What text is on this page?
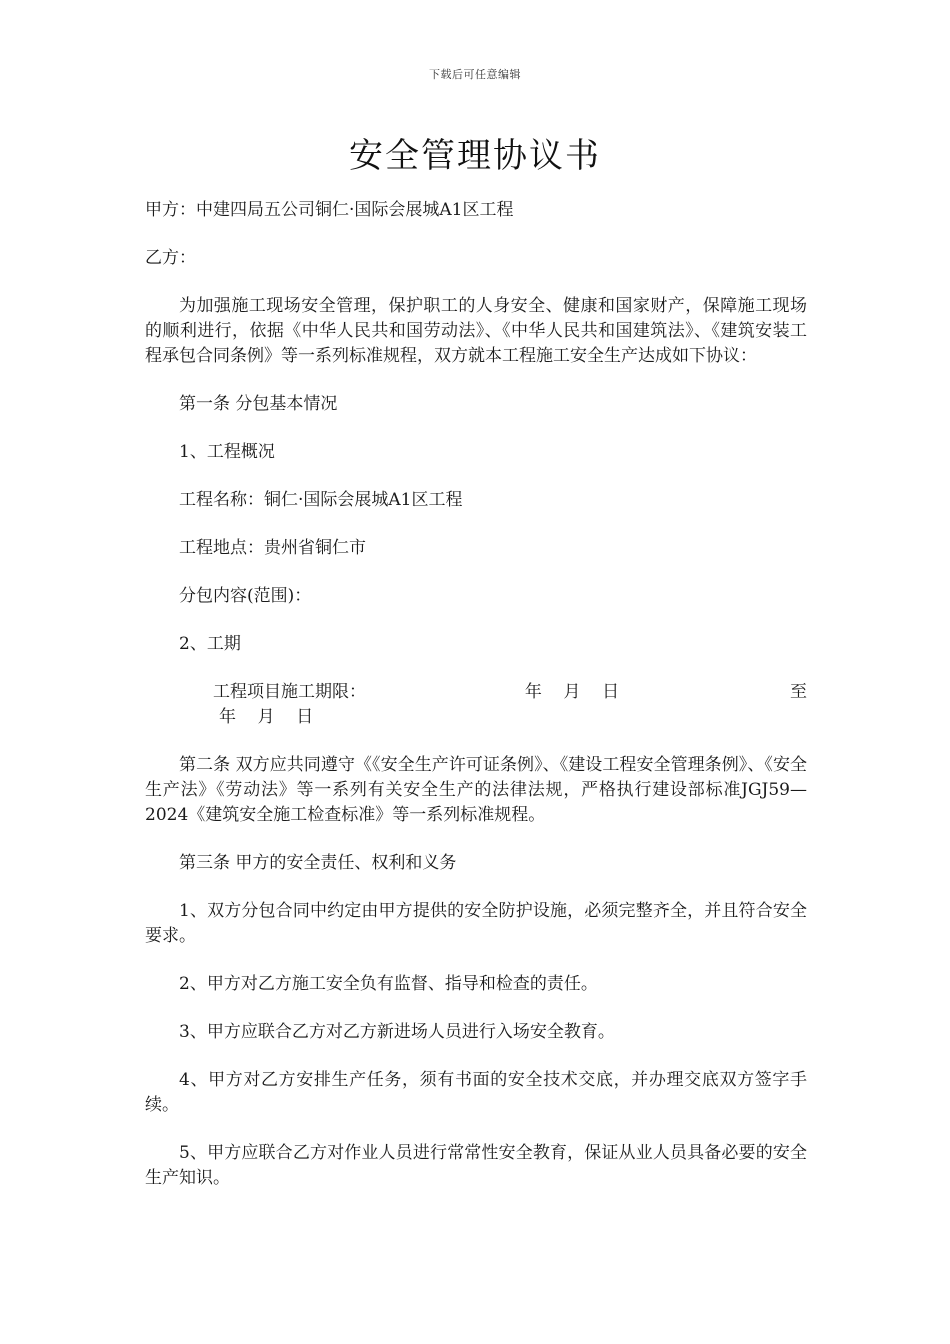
下载后可任意编辑
安全管理协议书

甲方：中建四局五公司铜仁·国际会展城A1区工程

乙方：

为加强施工现场安全管理，保护职工的人身安全、健康和国家财产，保障施工现场的顺利进行，依据《中华人民共和国劳动法》、《中华人民共和国建筑法》、《建筑安装工程承包合同条例》等一系列标准规程，双方就本工程施工安全生产达成如下协议：

第一条 分包基本情况

1、工程概况

工程名称：铜仁·国际会展城A1区工程

工程地点：贵州省铜仁市

分包内容(范围)：

2、工期

工程项目施工期限：	年    月    日	至 年    月    日

第二条 双方应共同遵守《《安全生产许可证条例》、《建设工程安全管理条例》、《安全生产法》《劳动法》等一系列有关安全生产的法律法规，严格执行建设部标准JGJ59—2024《建筑安全施工检查标准》等一系列标准规程。

第三条 甲方的安全责任、权利和义务

1、双方分包合同中约定由甲方提供的安全防护设施，必须完整齐全，并且符合安全要求。

2、甲方对乙方施工安全负有监督、指导和检查的责任。

3、甲方应联合乙方对乙方新进场人员进行入场安全教育。

4、甲方对乙方安排生产任务，须有书面的安全技术交底，并办理交底双方签字手续。

5、甲方应联合乙方对作业人员进行常常性安全教育，保证从业人员具备必要的安全生产知识。
